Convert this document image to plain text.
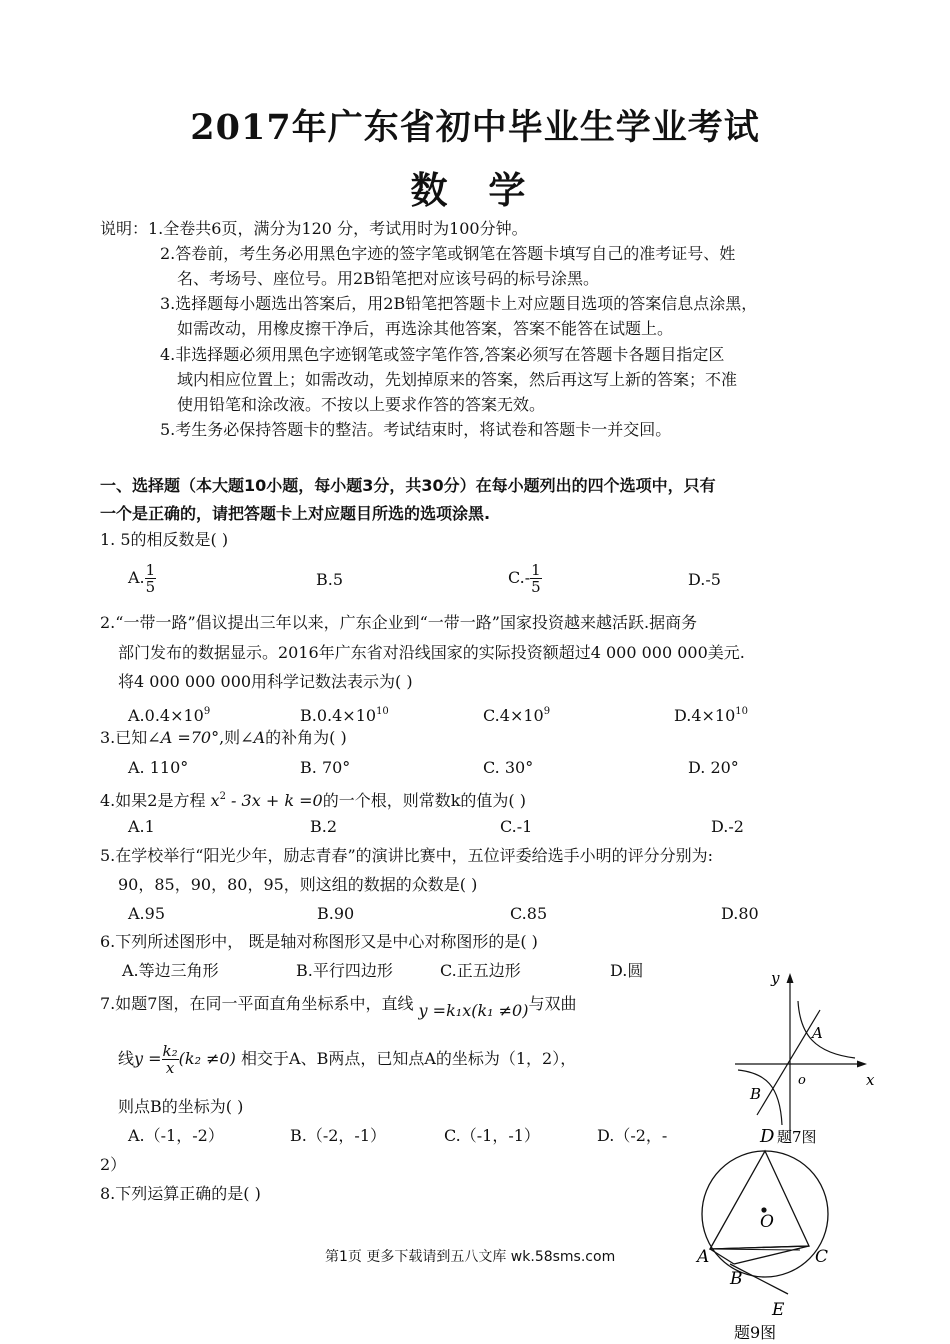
2017年广东省初中毕业生学业考试
数 学
说明：1.全卷共6页，满分为120 分，考试用时为100分钟。
2.答卷前，考生务必用黑色字迹的签字笔或钢笔在答题卡填写自己的准考证号、姓
名、考场号、座位号。用2B铅笔把对应该号码的标号涂黑。
3.选择题每小题选出答案后，用2B铅笔把答题卡上对应题目选项的答案信息点涂黑，
如需改动，用橡皮擦干净后，再选涂其他答案，答案不能答在试题上。
4.非选择题必须用黑色字迹钢笔或签字笔作答,答案必须写在答题卡各题目指定区
域内相应位置上；如需改动，先划掉原来的答案，然后再这写上新的答案；不准
使用铅笔和涂改液。不按以上要求作答的答案无效。
5.考生务必保持答题卡的整洁。考试结束时，将试卷和答题卡一并交回。
一、选择题（本大题10小题，每小题3分，共30分）在每小题列出的四个选项中，只有
一个是正确的，请把答题卡上对应题目所选的选项涂黑.
1. 5的相反数是( )
A. $\frac{1}{5}$	B.5	$C.- \frac{1}{5}$	D.-5
2.“一带一路”倡议提出三年以来，广东企业到“一带一路”国家投资越来越活跃.据商务
部门发布的数据显示。2016年广东省对沿线国家的实际投资额超过4 000 000 000美元.
将4 000 000 000用科学记数法表示为( )
$A.0.4\times 10^9$	$B.0.4\times 10^{10}$	$C.4\times 10^9$	$D.4\times 10^{10}$
3.已知∠A =70°,则∠A的补角为( )
A. 110°	B. 70°	C. 30°	D. 20°
4.如果2是方程 $x^2 - 3x + k =0$的一个根，则常数k的值为( )
A.1	B.2	C.-1	D.-2
5.在学校举行“阳光少年，励志青春”的演讲比赛中，五位评委给选手小明的评分分别为:
90，85，90，80，95，则这组的数据的众数是( )
A.95	B.90	C.85	D.80
6.下列所述图形中， 既是轴对称图形又是中心对称图形的是( )
A.等边三角形	B.平行四边形	C.正五边形	D.圆
7.如题7图，在同一平面直角坐标系中，直线 y =k₁x(k₁ ≠0)与双曲
线$y = \frac{\text{k₂}}{x} (k_2 \ne 0)$ 相交于A、B两点，已知点A的坐标为（1，2），
则点B的坐标为( )
A.（-1，-2）	B.（-2，-1）	C.（-1，-1）	D.（-2，-
2）
8.下列运算正确的是( )
第1页 更多下载请到五八文库 wk.58sms.com
y
x
o
A
B
D 题7图
O
A
B
C
E
题9图
